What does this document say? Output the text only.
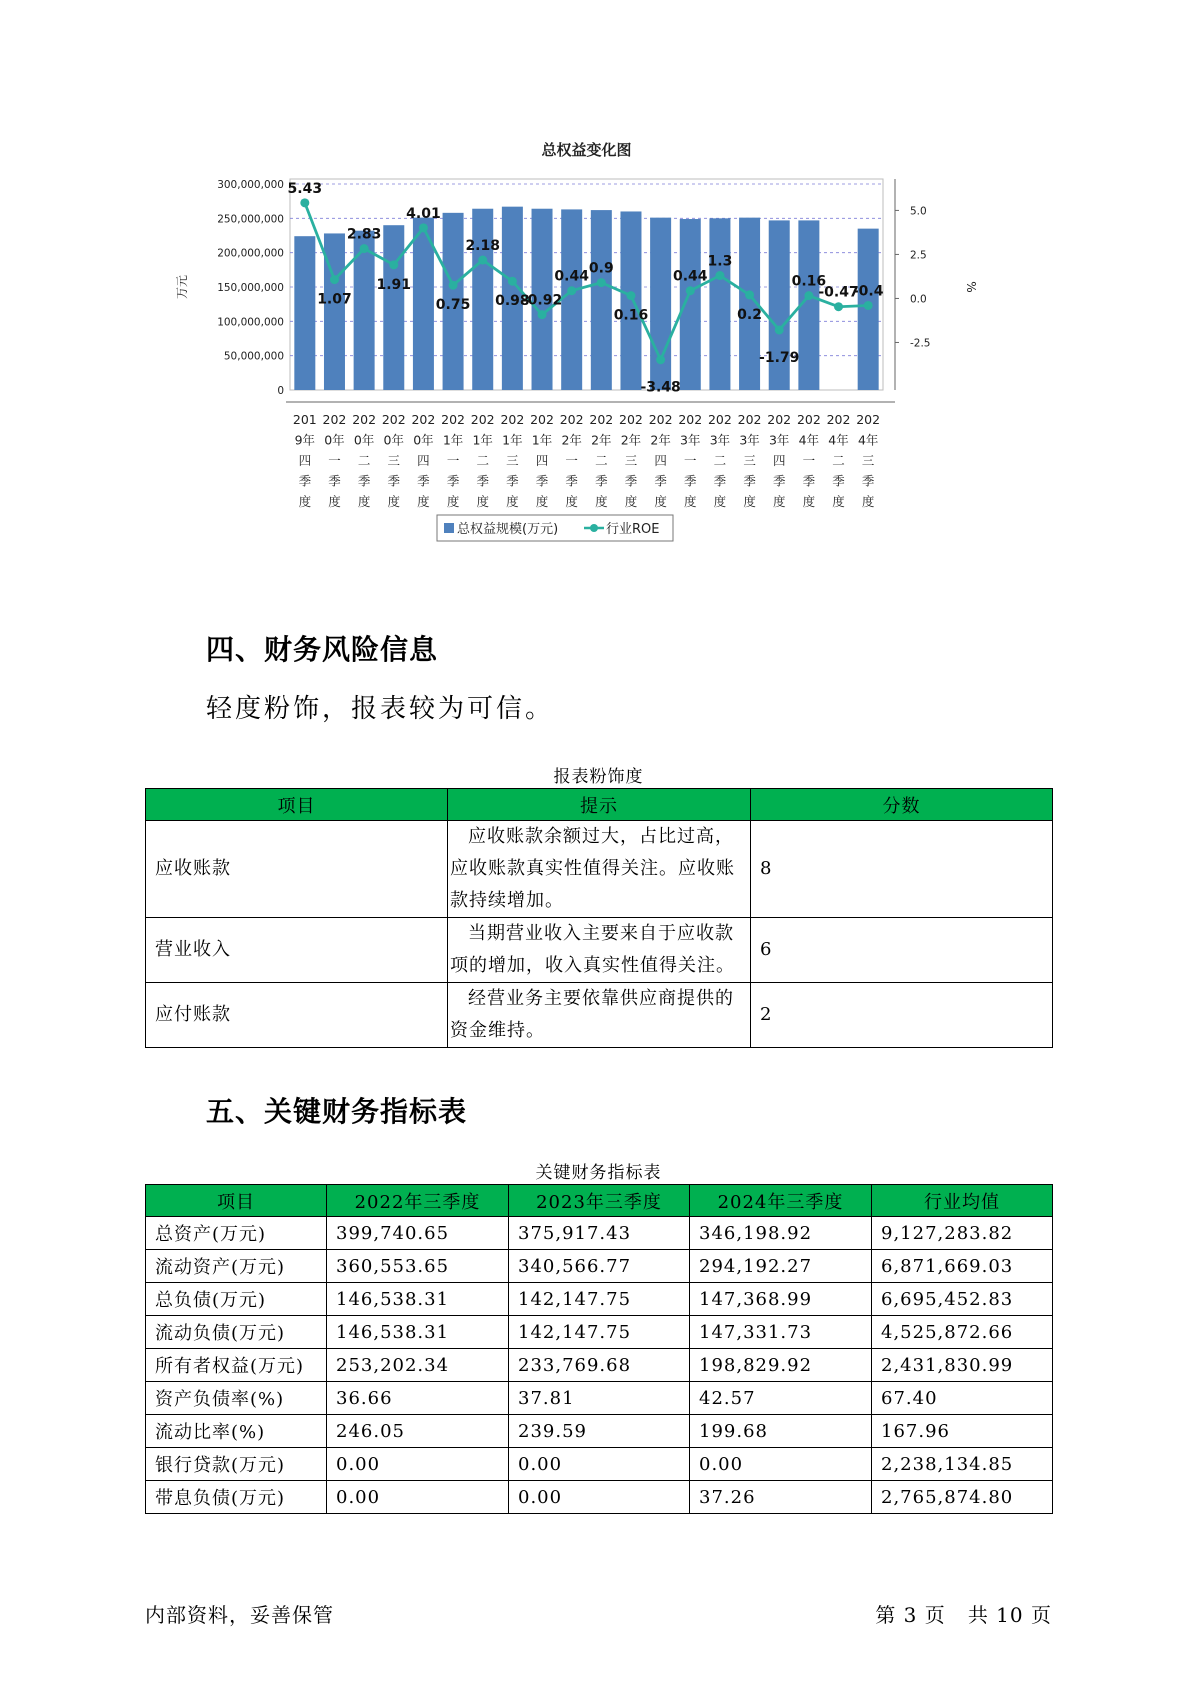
总权益变化图
0
50,000,000
100,000,000
150,000,000
200,000,000
250,000,000
300,000,000
万元
-2.5
0.0
2.5
5.0
%
201
9年
四
季
度
202
0年
一
季
度
202
0年
二
季
度
202
0年
三
季
度
202
0年
四
季
度
202
1年
一
季
度
202
1年
二
季
度
202
1年
三
季
度
202
1年
四
季
度
202
2年
一
季
度
202
2年
二
季
度
202
2年
三
季
度
202
2年
四
季
度
202
3年
一
季
度
202
3年
二
季
度
202
3年
三
季
度
202
3年
四
季
度
202
4年
一
季
度
202
4年
二
季
度
202
4年
三
季
度
5.43
1.07
2.83
1.91
4.01
0.75
2.18
0.98
-0.92
0.44
0.9
0.16
-3.48
0.44
1.3
0.2
-1.79
0.16
-0.47
-0.4
总权益规模(万元)	行业ROE
四、财务风险信息
轻度粉饰，报表较为可信。
报表粉饰度
项目	提示	分数
应收账款	应收账款余额过大，占比过高，应收账款真实性值得关注。应收账款持续增加。	8
营业收入	当期营业收入主要来自于应收款项的增加，收入真实性值得关注。	6
应付账款	经营业务主要依靠供应商提供的资金维持。	2
五、关键财务指标表
关键财务指标表
项目	2022年三季度	2023年三季度	2024年三季度	行业均值
总资产(万元)	399,740.65	375,917.43	346,198.92	9,127,283.82
流动资产(万元)	360,553.65	340,566.77	294,192.27	6,871,669.03
总负债(万元)	146,538.31	142,147.75	147,368.99	6,695,452.83
流动负债(万元)	146,538.31	142,147.75	147,331.73	4,525,872.66
所有者权益(万元)	253,202.34	233,769.68	198,829.92	2,431,830.99
资产负债率(%)	36.66	37.81	42.57	67.40
流动比率(%)	246.05	239.59	199.68	167.96
银行贷款(万元)	0.00	0.00	0.00	2,238,134.85
带息负债(万元)	0.00	0.00	37.26	2,765,874.80
内部资料，妥善保管	第 3 页   共 10 页
